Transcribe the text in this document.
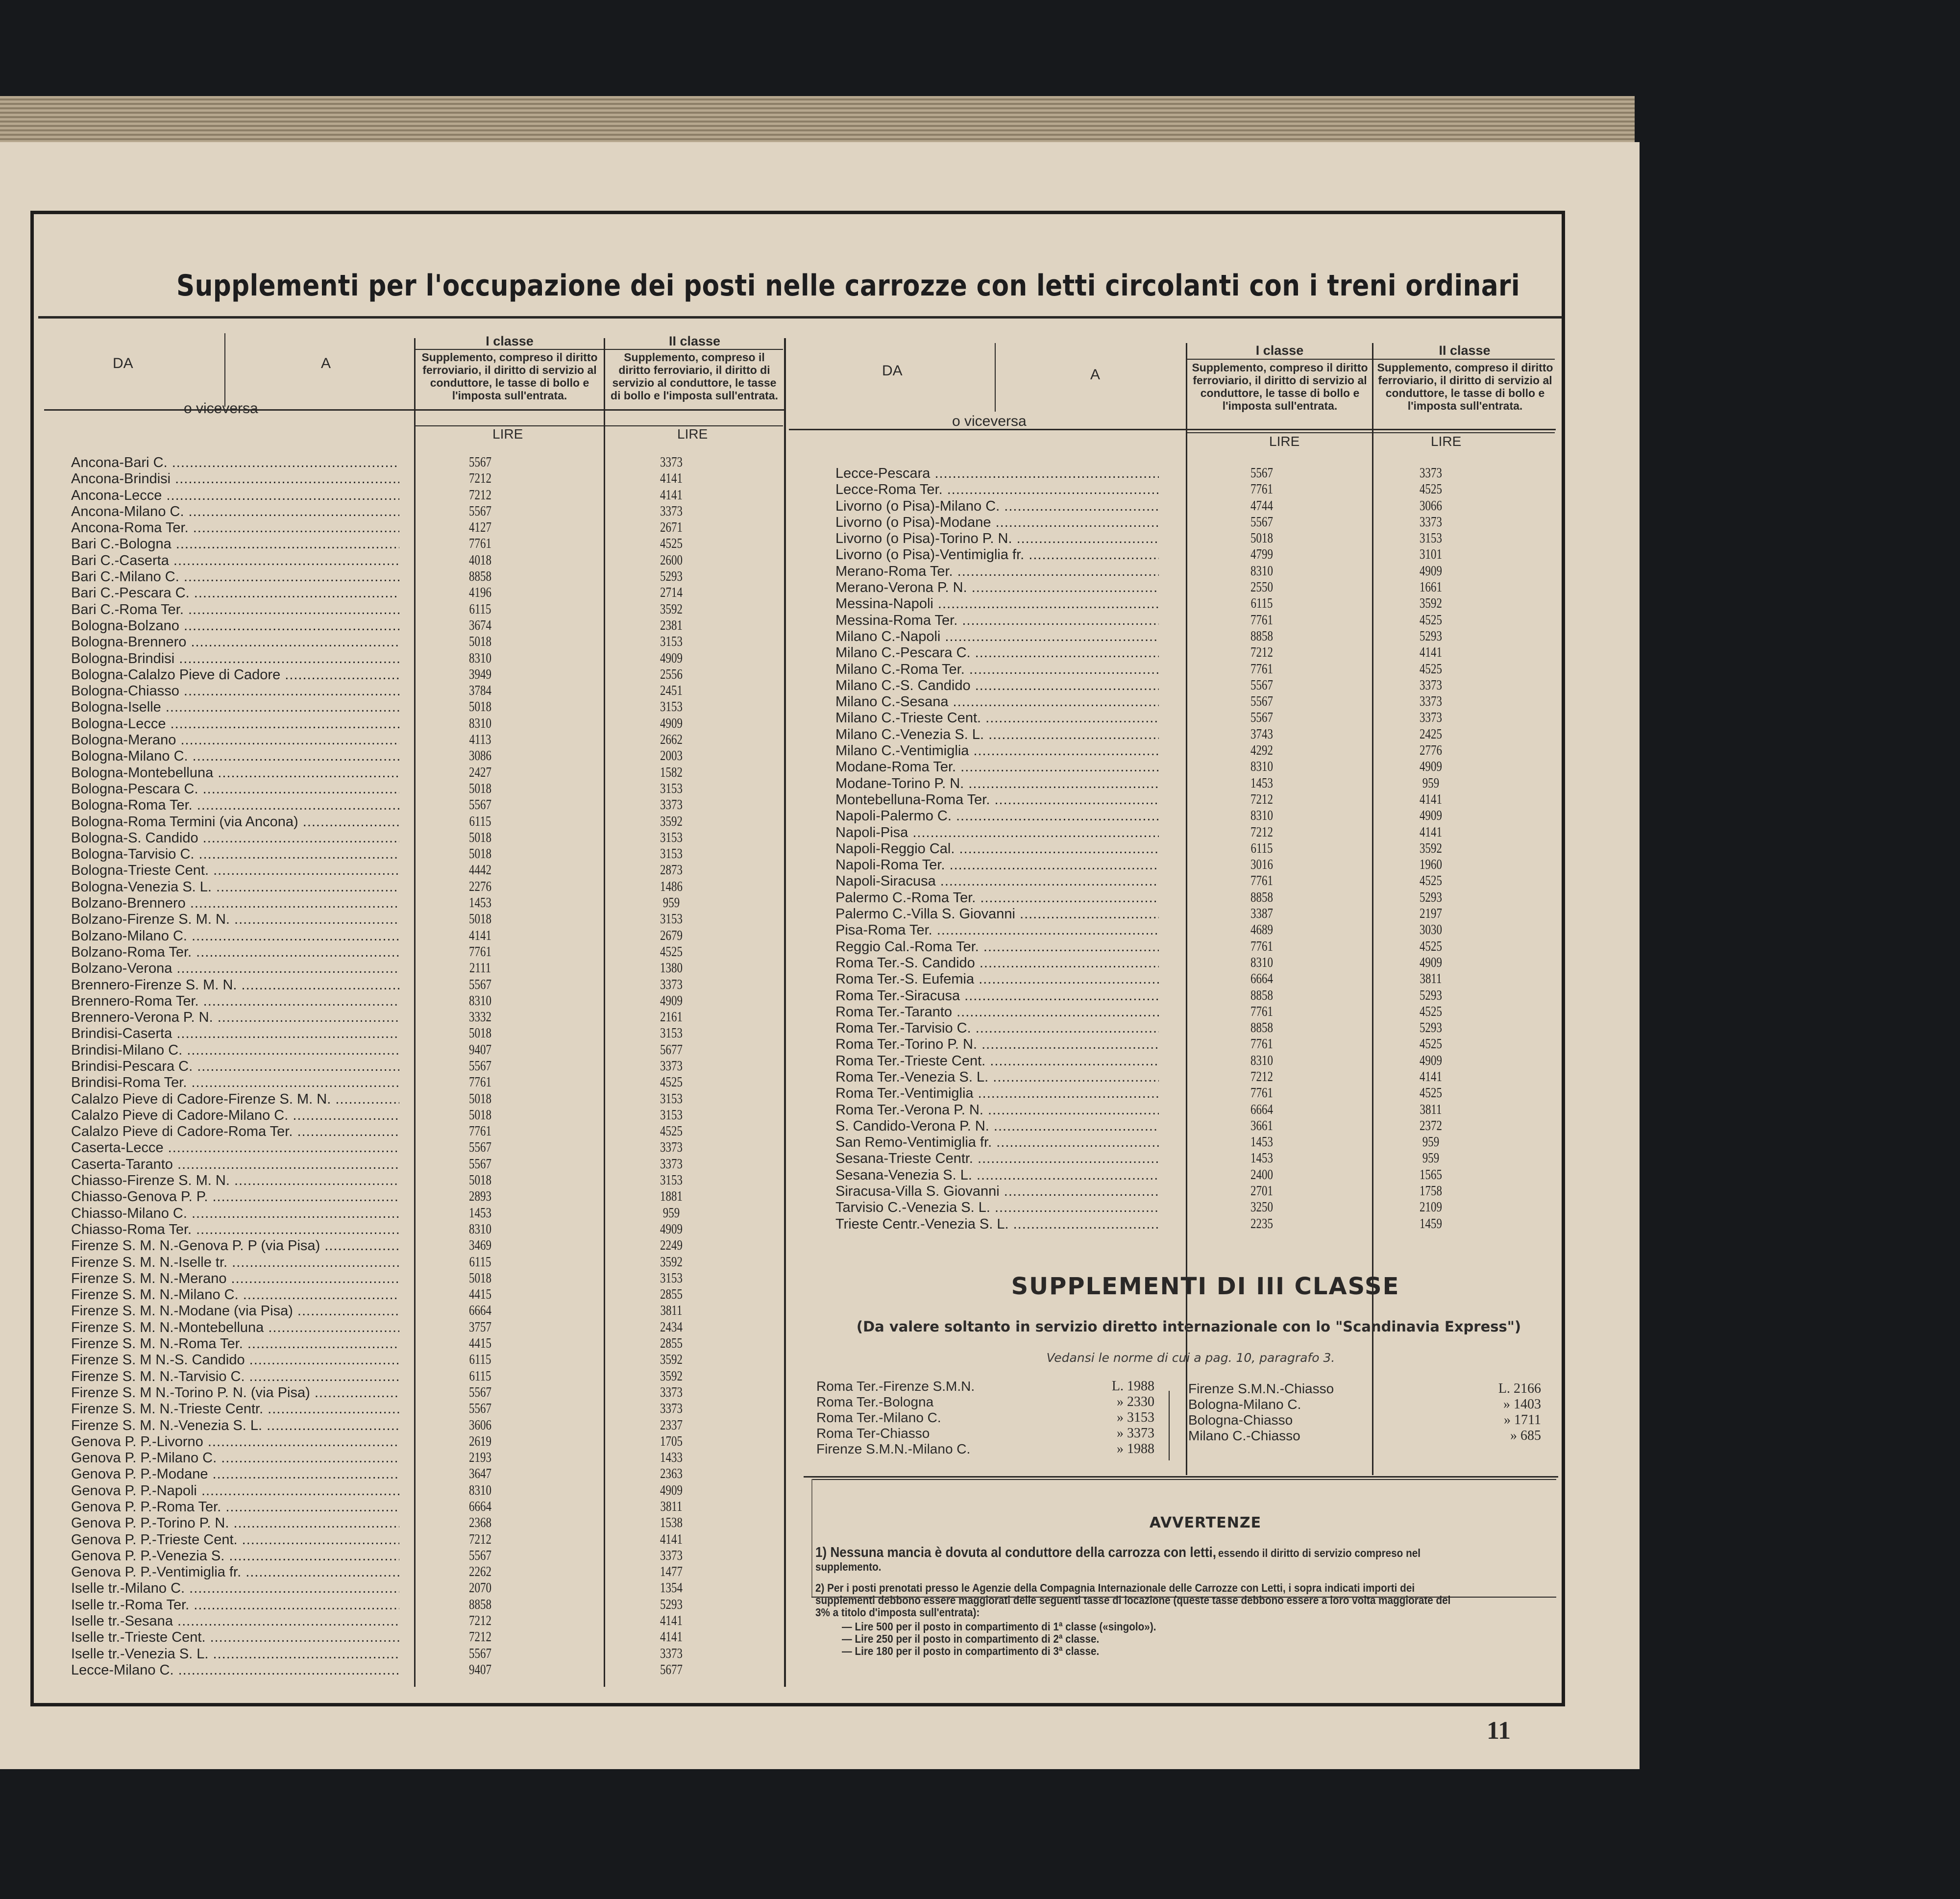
Supplementi per l'occupazione dei posti nelle carrozze con letti circolanti con i treni ordinari
DA	A
o viceversa
I classe	II classe
Supplemento, compreso il diritto ferroviario, il diritto di servizio al conduttore, le tasse di bollo e l'imposta sull'entrata.
Supplemento, compreso il diritto ferroviario, il diritto di servizio al conduttore, le tasse di bollo e l'imposta sull'entrata.
LIRE	LIRE
DA	A
o viceversa
I classe	II classe
Supplemento, compreso il diritto ferroviario, il diritto di servizio al conduttore, le tasse di bollo e l'imposta sull'entrata.
Supplemento, compreso il diritto ferroviario, il diritto di servizio al conduttore, le tasse di bollo e l'imposta sull'entrata.
LIRE	LIRE
Ancona-Bari C. .....	5567	3373
Ancona-Brindisi .....	7212	4141
Ancona-Lecce .....	7212	4141
Ancona-Milano C. .....	5567	3373
Ancona-Roma Ter. .....	4127	2671
Bari C.-Bologna .....	7761	4525
Bari C.-Caserta .....	4018	2600
Bari C.-Milano C. .....	8858	5293
Bari C.-Pescara C. .....	4196	2714
Bari C.-Roma Ter. .....	6115	3592
Bologna-Bolzano .....	3674	2381
Bologna-Brennero .....	5018	3153
Bologna-Brindisi .....	8310	4909
Bologna-Calalzo Pieve di Cadore .....	3949	2556
Bologna-Chiasso .....	3784	2451
Bologna-Iselle .....	5018	3153
Bologna-Lecce .....	8310	4909
Bologna-Merano .....	4113	2662
Bologna-Milano C. .....	3086	2003
Bologna-Montebelluna .....	2427	1582
Bologna-Pescara C. .....	5018	3153
Bologna-Roma Ter. .....	5567	3373
Bologna-Roma Termini (via Ancona) .....	6115	3592
Bologna-S. Candido .....	5018	3153
Bologna-Tarvisio C. .....	5018	3153
Bologna-Trieste Cent. .....	4442	2873
Bologna-Venezia S. L. .....	2276	1486
Bolzano-Brennero .....	1453	959
Bolzano-Firenze S. M. N. .....	5018	3153
Bolzano-Milano C. .....	4141	2679
Bolzano-Roma Ter. .....	7761	4525
Bolzano-Verona .....	2111	1380
Brennero-Firenze S. M. N. .....	5567	3373
Brennero-Roma Ter. .....	8310	4909
Brennero-Verona P. N. .....	3332	2161
Brindisi-Caserta .....	5018	3153
Brindisi-Milano C. .....	9407	5677
Brindisi-Pescara C. .....	5567	3373
Brindisi-Roma Ter. .....	7761	4525
Calalzo Pieve di Cadore-Firenze S. M. N. .....	5018	3153
Calalzo Pieve di Cadore-Milano C. .....	5018	3153
Calalzo Pieve di Cadore-Roma Ter. .....	7761	4525
Caserta-Lecce .....	5567	3373
Caserta-Taranto .....	5567	3373
Chiasso-Firenze S. M. N. .....	5018	3153
Chiasso-Genova P. P. .....	2893	1881
Chiasso-Milano C. .....	1453	959
Chiasso-Roma Ter. .....	8310	4909
Firenze S. M. N.-Genova P. P (via Pisa) .....	3469	2249
Firenze S. M. N.-Iselle tr. .....	6115	3592
Firenze S. M. N.-Merano .....	5018	3153
Firenze S. M. N.-Milano C. .....	4415	2855
Firenze S. M. N.-Modane (via Pisa) .....	6664	3811
Firenze S. M. N.-Montebelluna .....	3757	2434
Firenze S. M. N.-Roma Ter. .....	4415	2855
Firenze S. M N.-S. Candido .....	6115	3592
Firenze S. M. N.-Tarvisio C. .....	6115	3592
Firenze S. M N.-Torino P. N. (via Pisa) .....	5567	3373
Firenze S. M. N.-Trieste Centr. .....	5567	3373
Firenze S. M. N.-Venezia S. L. .....	3606	2337
Genova P. P.-Livorno .....	2619	1705
Genova P. P.-Milano C. .....	2193	1433
Genova P. P.-Modane .....	3647	2363
Genova P. P.-Napoli .....	8310	4909
Genova P. P.-Roma Ter. .....	6664	3811
Genova P. P.-Torino P. N. .....	2368	1538
Genova P. P.-Trieste Cent. .....	7212	4141
Genova P. P.-Venezia S. .....	5567	3373
Genova P. P.-Ventimiglia fr. .....	2262	1477
Iselle tr.-Milano C. .....	2070	1354
Iselle tr.-Roma Ter. .....	8858	5293
Iselle tr.-Sesana .....	7212	4141
Iselle tr.-Trieste Cent. .....	7212	4141
Iselle tr.-Venezia S. L. .....	5567	3373
Lecce-Milano C. .....	9407	5677
Lecce-Pescara .....	5567	3373
Lecce-Roma Ter. .....	7761	4525
Livorno (o Pisa)-Milano C. .....	4744	3066
Livorno (o Pisa)-Modane .....	5567	3373
Livorno (o Pisa)-Torino P. N. .....	5018	3153
Livorno (o Pisa)-Ventimiglia fr. .....	4799	3101
Merano-Roma Ter. .....	8310	4909
Merano-Verona P. N. .....	2550	1661
Messina-Napoli .....	6115	3592
Messina-Roma Ter. .....	7761	4525
Milano C.-Napoli .....	8858	5293
Milano C.-Pescara C. .....	7212	4141
Milano C.-Roma Ter. .....	7761	4525
Milano C.-S. Candido .....	5567	3373
Milano C.-Sesana .....	5567	3373
Milano C.-Trieste Cent. .....	5567	3373
Milano C.-Venezia S. L. .....	3743	2425
Milano C.-Ventimiglia .....	4292	2776
Modane-Roma Ter. .....	8310	4909
Modane-Torino P. N. .....	1453	959
Montebelluna-Roma Ter. .....	7212	4141
Napoli-Palermo C. .....	8310	4909
Napoli-Pisa .....	7212	4141
Napoli-Reggio Cal. .....	6115	3592
Napoli-Roma Ter. .....	3016	1960
Napoli-Siracusa .....	7761	4525
Palermo C.-Roma Ter. .....	8858	5293
Palermo C.-Villa S. Giovanni .....	3387	2197
Pisa-Roma Ter. .....	4689	3030
Reggio Cal.-Roma Ter. .....	7761	4525
Roma Ter.-S. Candido .....	8310	4909
Roma Ter.-S. Eufemia .....	6664	3811
Roma Ter.-Siracusa .....	8858	5293
Roma Ter.-Taranto .....	7761	4525
Roma Ter.-Tarvisio C. .....	8858	5293
Roma Ter.-Torino P. N. .....	7761	4525
Roma Ter.-Trieste Cent. .....	8310	4909
Roma Ter.-Venezia S. L. .....	7212	4141
Roma Ter.-Ventimiglia .....	7761	4525
Roma Ter.-Verona P. N. .....	6664	3811
S. Candido-Verona P. N. .....	3661	2372
San Remo-Ventimiglia fr. .....	1453	959
Sesana-Trieste Centr. .....	1453	959
Sesana-Venezia S. L. .....	2400	1565
Siracusa-Villa S. Giovanni .....	2701	1758
Tarvisio C.-Venezia S. L. .....	3250	2109
Trieste Centr.-Venezia S. L. .....	2235	1459
SUPPLEMENTI DI III CLASSE
(Da valere soltanto in servizio diretto internazionale con lo "Scandinavia Express")
Vedansi le norme di cui a pag. 10, paragrafo 3.
Roma Ter.-Firenze S.M.N.	L. 1988
Roma Ter.-Bologna	» 2330
Roma Ter.-Milano C.	» 3153
Roma Ter-Chiasso	» 3373
Firenze S.M.N.-Milano C.	» 1988
Firenze S.M.N.-Chiasso	L. 2166
Bologna-Milano C.	» 1403
Bologna-Chiasso	» 1711
Milano C.-Chiasso	» 685
AVVERTENZE
1) Nessuna mancia è dovuta al conduttore della carrozza con letti, essendo il diritto di servizio compreso nel supplemento.
2) Per i posti prenotati presso le Agenzie della Compagnia Internazionale delle Carrozze con Letti, i sopra indicati importi dei supplementi debbono essere maggiorati delle seguenti tasse di locazione (queste tasse debbono essere a loro volta maggiorate del 3% a titolo d'imposta sull'entrata):
— Lire 500 per il posto in compartimento di 1ª classe («singolo»).
— Lire 250 per il posto in compartimento di 2ª classe.
— Lire 180 per il posto in compartimento di 3ª classe.
11
